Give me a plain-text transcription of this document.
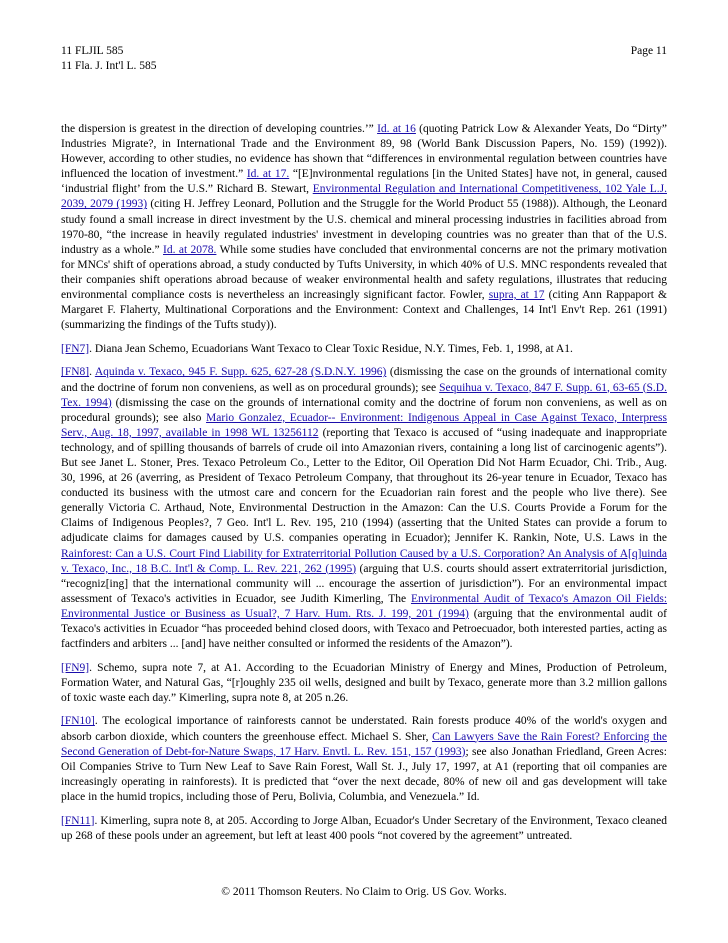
11 FLJIL 585	Page 11
11 Fla. J. Int'l L. 585

the dispersion is greatest in the direction of developing countries.’” Id. at 16 (quoting Patrick Low & Alexander Yeats, Do “Dirty” Industries Migrate?, in International Trade and the Environment 89, 98 (World Bank Discussion Papers, No. 159) (1992)). However, according to other studies, no evidence has shown that “differences in environmental regulation between countries have influenced the location of investment.” Id. at 17. “[E]nvironmental regulations [in the United States] have not, in general, caused ‘industrial flight’ from the U.S.” Richard B. Stewart, Environmental Regulation and International Competitiveness, 102 Yale L.J. 2039, 2079 (1993) (citing H. Jeffrey Leonard, Pollution and the Struggle for the World Product 55 (1988)). Although, the Leonard study found a small increase in direct investment by the U.S. chemical and mineral processing industries in facilities abroad from 1970-80, “the increase in heavily regulated industries' investment in developing countries was no greater than that of the U.S. industry as a whole.” Id. at 2078. While some studies have concluded that environmental concerns are not the primary motivation for MNCs' shift of operations abroad, a study conducted by Tufts University, in which 40% of U.S. MNC respondents revealed that their companies shift operations abroad because of weaker environmental health and safety regulations, illustrates that reducing environmental compliance costs is nevertheless an increasingly significant factor. Fowler, supra, at 17 (citing Ann Rappaport & Margaret F. Flaherty, Multinational Corporations and the Environment: Context and Challenges, 14 Int'l Env't Rep. 261 (1991) (summarizing the findings of the Tufts study)).

[FN7]. Diana Jean Schemo, Ecuadorians Want Texaco to Clear Toxic Residue, N.Y. Times, Feb. 1, 1998, at A1.

[FN8]. Aquinda v. Texaco, 945 F. Supp. 625, 627-28 (S.D.N.Y. 1996) (dismissing the case on the grounds of international comity and the doctrine of forum non conveniens, as well as on procedural grounds); see Sequihua v. Texaco, 847 F. Supp. 61, 63-65 (S.D. Tex. 1994) (dismissing the case on the grounds of international comity and the doctrine of forum non conveniens, as well as on procedural grounds); see also Mario Gonzalez, Ecuador-- Environment: Indigenous Appeal in Case Against Texaco, Interpress Serv., Aug. 18, 1997, available in 1998 WL 13256112 (reporting that Texaco is accused of “using inadequate and inappropriate technology, and of spilling thousands of barrels of crude oil into Amazonian rivers, containing a long list of carcinogenic agents”). But see Janet L. Stoner, Pres. Texaco Petroleum Co., Letter to the Editor, Oil Operation Did Not Harm Ecuador, Chi. Trib., Aug. 30, 1996, at 26 (averring, as President of Texaco Petroleum Company, that throughout its 26-year tenure in Ecuador, Texaco has conducted its business with the utmost care and concern for the Ecuadorian rain forest and the people who live there). See generally Victoria C. Arthaud, Note, Environmental Destruction in the Amazon: Can the U.S. Courts Provide a Forum for the Claims of Indigenous Peoples?, 7 Geo. Int'l L. Rev. 195, 210 (1994) (asserting that the United States can provide a forum to adjudicate claims for damages caused by U.S. companies operating in Ecuador); Jennifer K. Rankin, Note, U.S. Laws in the Rainforest: Can a U.S. Court Find Liability for Extraterritorial Pollution Caused by a U.S. Corporation? An Analysis of A[q]uinda v. Texaco, Inc., 18 B.C. Int'l & Comp. L. Rev. 221, 262 (1995) (arguing that U.S. courts should assert extraterritorial jurisdiction, “recogniz[ing] that the international community will ... encourage the assertion of jurisdiction”). For an environmental impact assessment of Texaco's activities in Ecuador, see Judith Kimerling, The Environmental Audit of Texaco's Amazon Oil Fields: Environmental Justice or Business as Usual?, 7 Harv. Hum. Rts. J. 199, 201 (1994) (arguing that the environmental audit of Texaco's activities in Ecuador “has proceeded behind closed doors, with Texaco and Petroecuador, both interested parties, acting as factfinders and arbiters ... [and] have neither consulted or informed the residents of the Amazon”).

[FN9]. Schemo, supra note 7, at A1. According to the Ecuadorian Ministry of Energy and Mines, Production of Petroleum, Formation Water, and Natural Gas, “[r]oughly 235 oil wells, designed and built by Texaco, generate more than 3.2 million gallons of toxic waste each day.” Kimerling, supra note 8, at 205 n.26.

[FN10]. The ecological importance of rainforests cannot be understated. Rain forests produce 40% of the world's oxygen and absorb carbon dioxide, which counters the greenhouse effect. Michael S. Sher, Can Lawyers Save the Rain Forest? Enforcing the Second Generation of Debt-for-Nature Swaps, 17 Harv. Envtl. L. Rev. 151, 157 (1993); see also Jonathan Friedland, Green Acres: Oil Companies Strive to Turn New Leaf to Save Rain Forest, Wall St. J., July 17, 1997, at A1 (reporting that oil companies are increasingly operating in rainforests). It is predicted that “over the next decade, 80% of new oil and gas development will take place in the humid tropics, including those of Peru, Bolivia, Columbia, and Venezuela.” Id.

[FN11]. Kimerling, supra note 8, at 205. According to Jorge Alban, Ecuador's Under Secretary of the Environment, Texaco cleaned up 268 of these pools under an agreement, but left at least 400 pools “not covered by the agreement” untreated.

© 2011 Thomson Reuters. No Claim to Orig. US Gov. Works.
